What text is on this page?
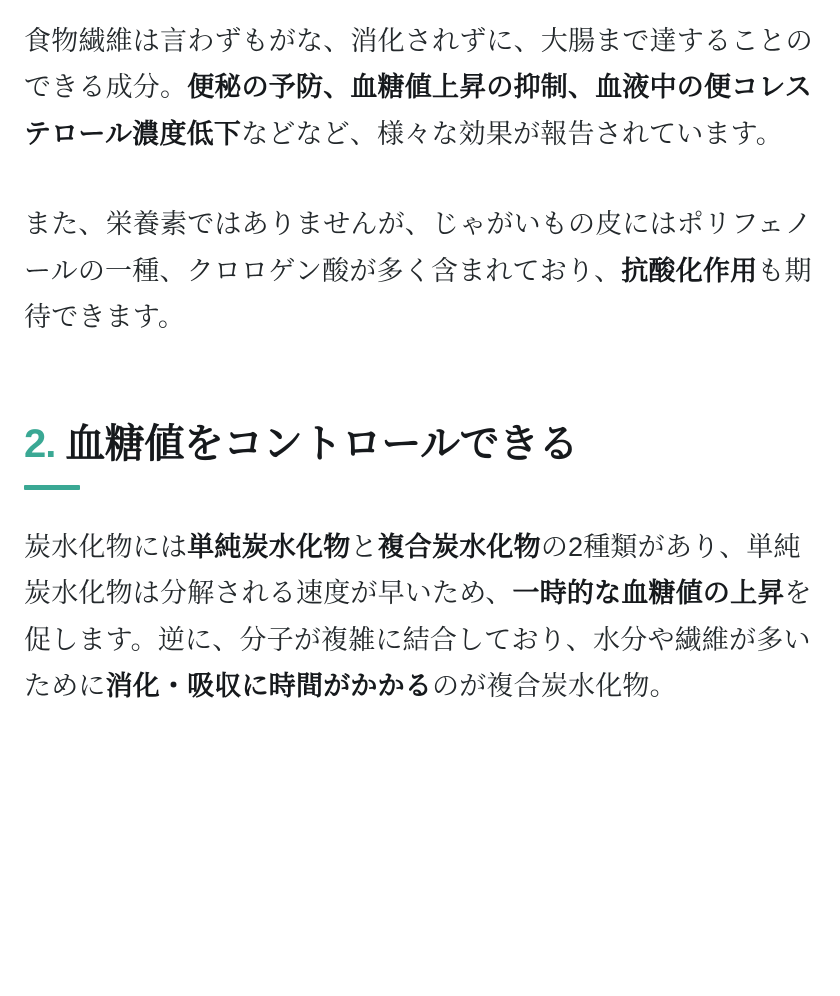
食物繊維は言わずもがな、消化されずに、大腸まで達することのできる成分。便秘の予防、血糖値上昇の抑制、血液中の便コレステロール濃度低下などなど、様々な効果が報告されています。

また、栄養素ではありませんが、じゃがいもの皮にはポリフェノールの一種、クロロゲン酸が多く含まれており、抗酸化作用も期待できます。

2. 血糖値をコントロールできる

炭水化物には単純炭水化物と複合炭水化物の2種類があり、単純炭水化物は分解される速度が早いため、一時的な血糖値の上昇を促します。逆に、分子が複雑に結合しており、水分や繊維が多いために消化・吸収に時間がかかるのが複合炭水化物。
